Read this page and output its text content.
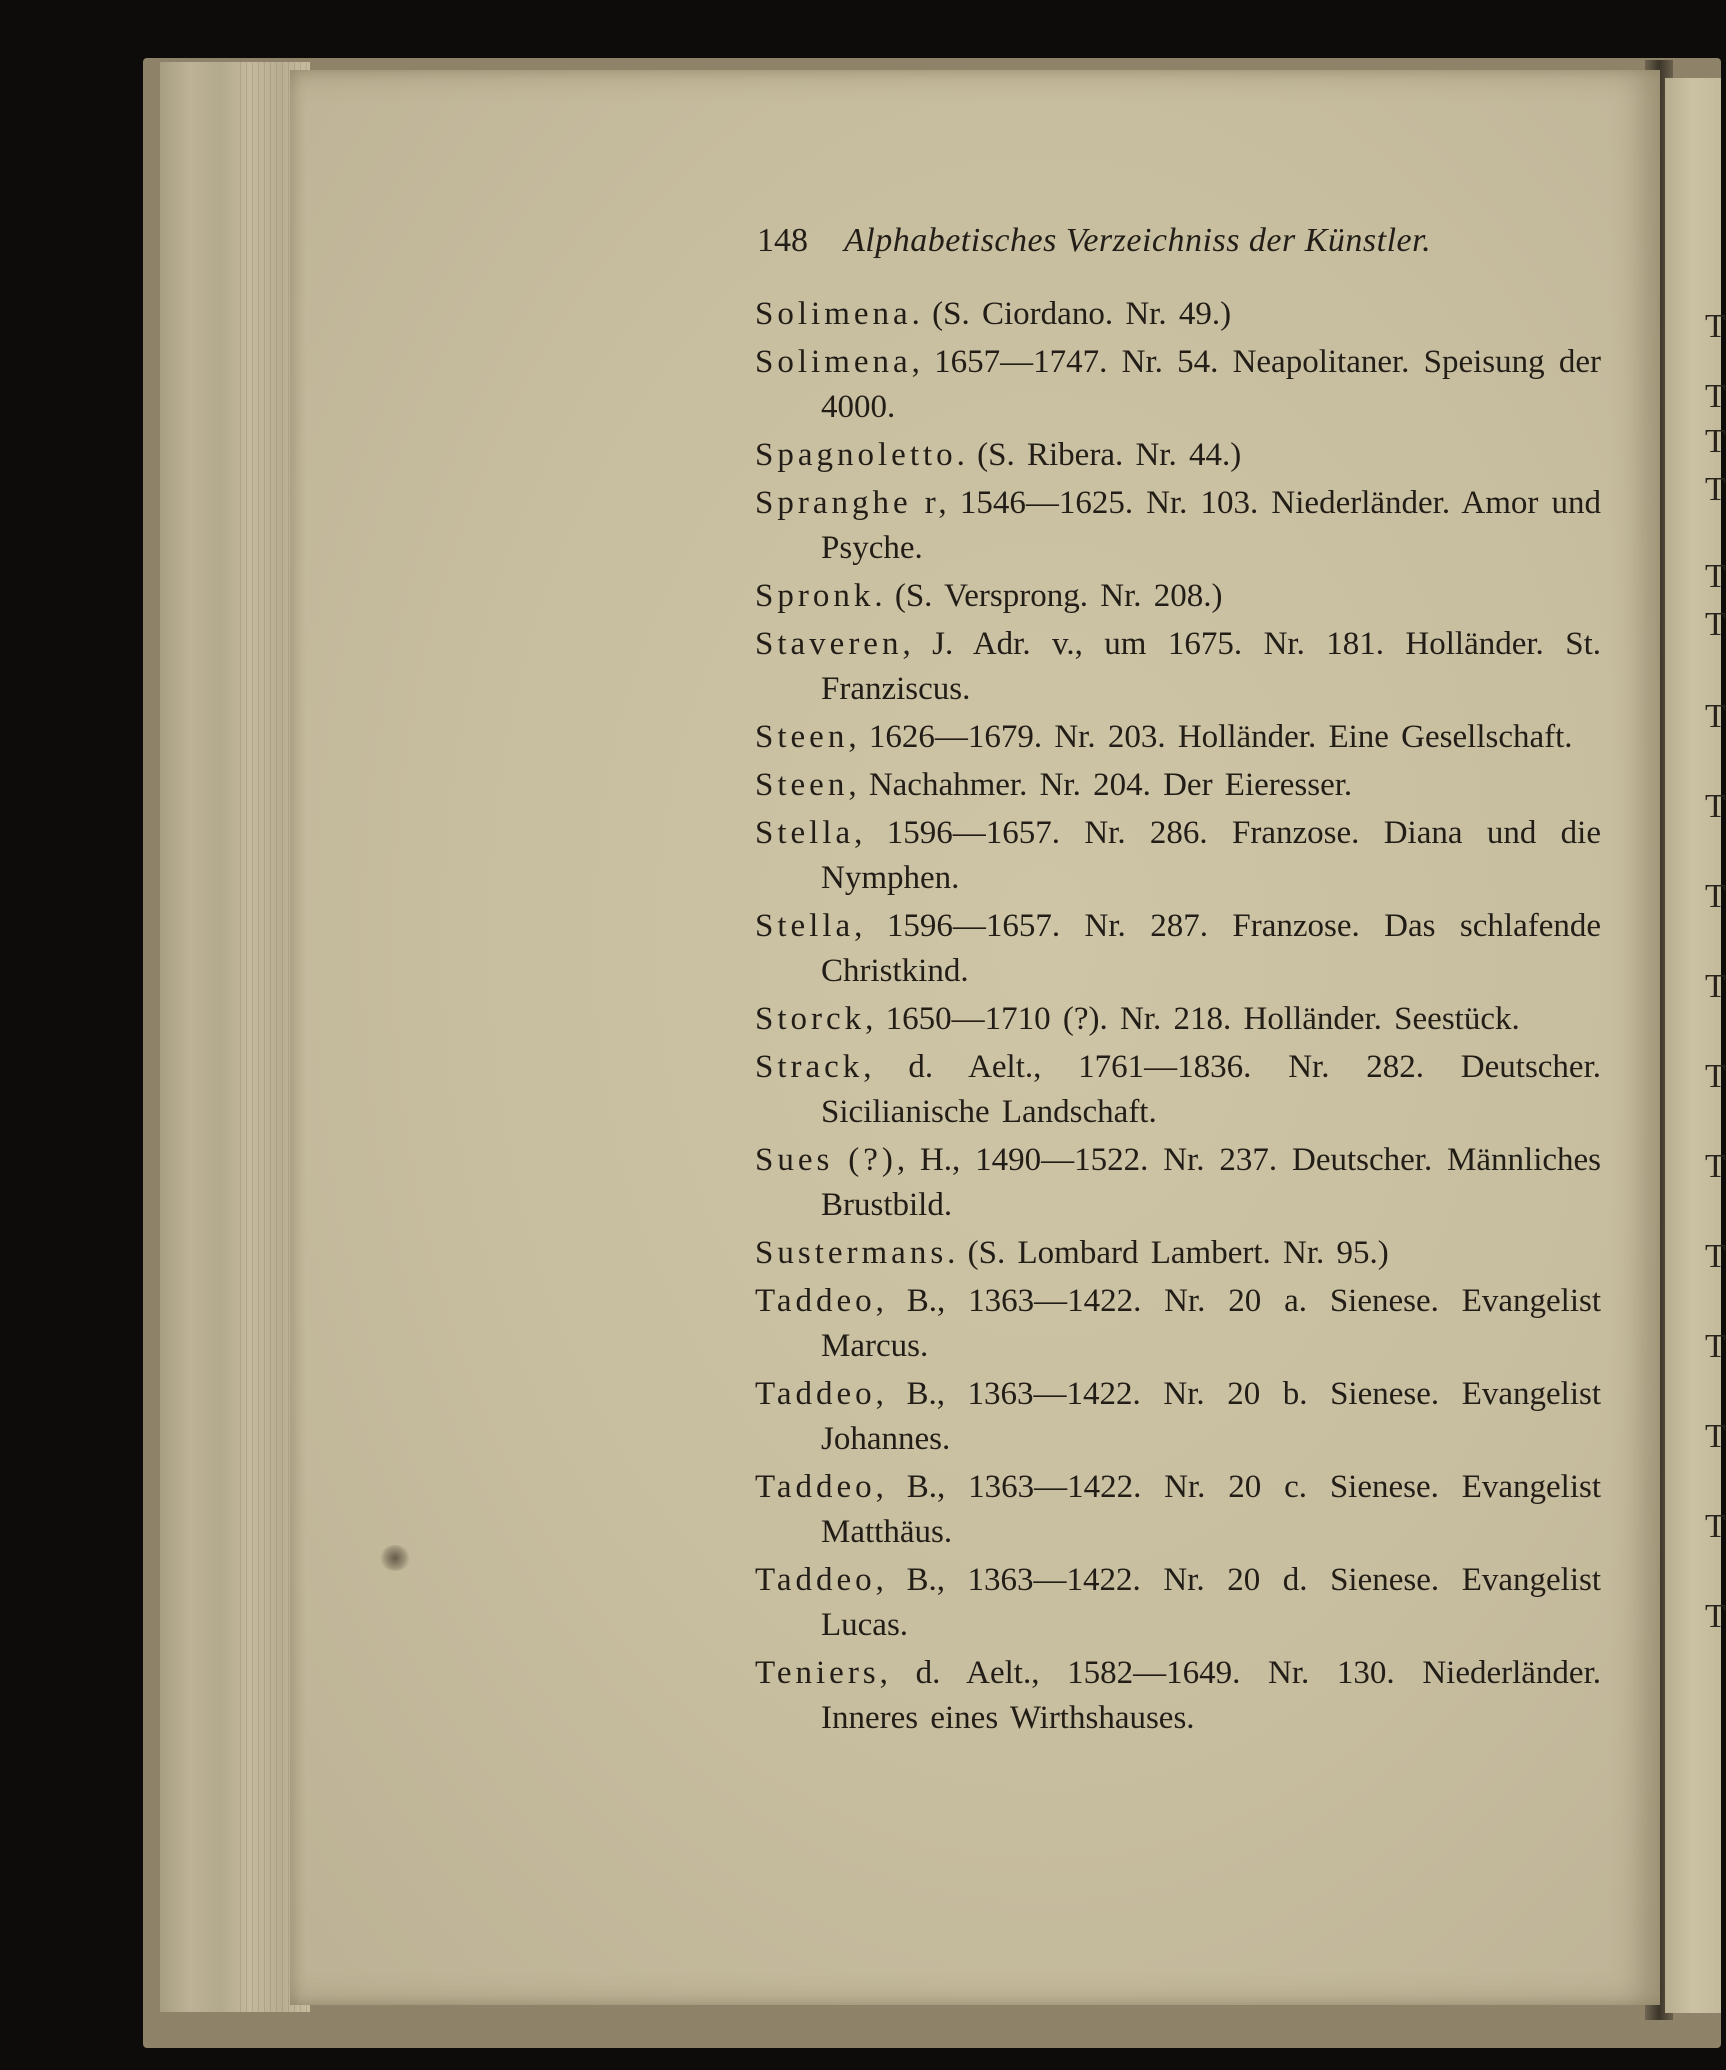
T
T
T
T
T
T
T
T
T
T
T
T
T
T
T
T
T
148 Alphabetisches Verzeichniss der Künstler.

Solimena. (S. Ciordano. Nr. 49.)

Solimena, 1657—1747. Nr. 54. Neapolitaner. Speisung der 4000.

Spagnoletto. (S. Ribera. Nr. 44.)

Spranghe r, 1546—1625. Nr. 103. Niederländer. Amor und Psyche.

Spronk. (S. Versprong. Nr. 208.)

Staveren, J. Adr. v., um 1675. Nr. 181. Holländer. St. Franziscus.

Steen, 1626—1679. Nr. 203. Holländer. Eine Gesellschaft.

Steen, Nachahmer. Nr. 204. Der Eieresser.

Stella, 1596—1657. Nr. 286. Franzose. Diana und die Nymphen.

Stella, 1596—1657. Nr. 287. Franzose. Das schlafende Christkind.

Storck, 1650—1710 (?). Nr. 218. Holländer. Seestück.

Strack, d. Aelt., 1761—1836. Nr. 282. Deutscher. Sicilianische Landschaft.

Sues (?), H., 1490—1522. Nr. 237. Deutscher. Männliches Brustbild.

Sustermans. (S. Lombard Lambert. Nr. 95.)

Taddeo, B., 1363—1422. Nr. 20 a. Sienese. Evangelist Marcus.

Taddeo, B., 1363—1422. Nr. 20 b. Sienese. Evangelist Johannes.

Taddeo, B., 1363—1422. Nr. 20 c. Sienese. Evangelist Matthäus.

Taddeo, B., 1363—1422. Nr. 20 d. Sienese. Evangelist Lucas.

Teniers, d. Aelt., 1582—1649. Nr. 130. Niederländer. Inneres eines Wirthshauses.
